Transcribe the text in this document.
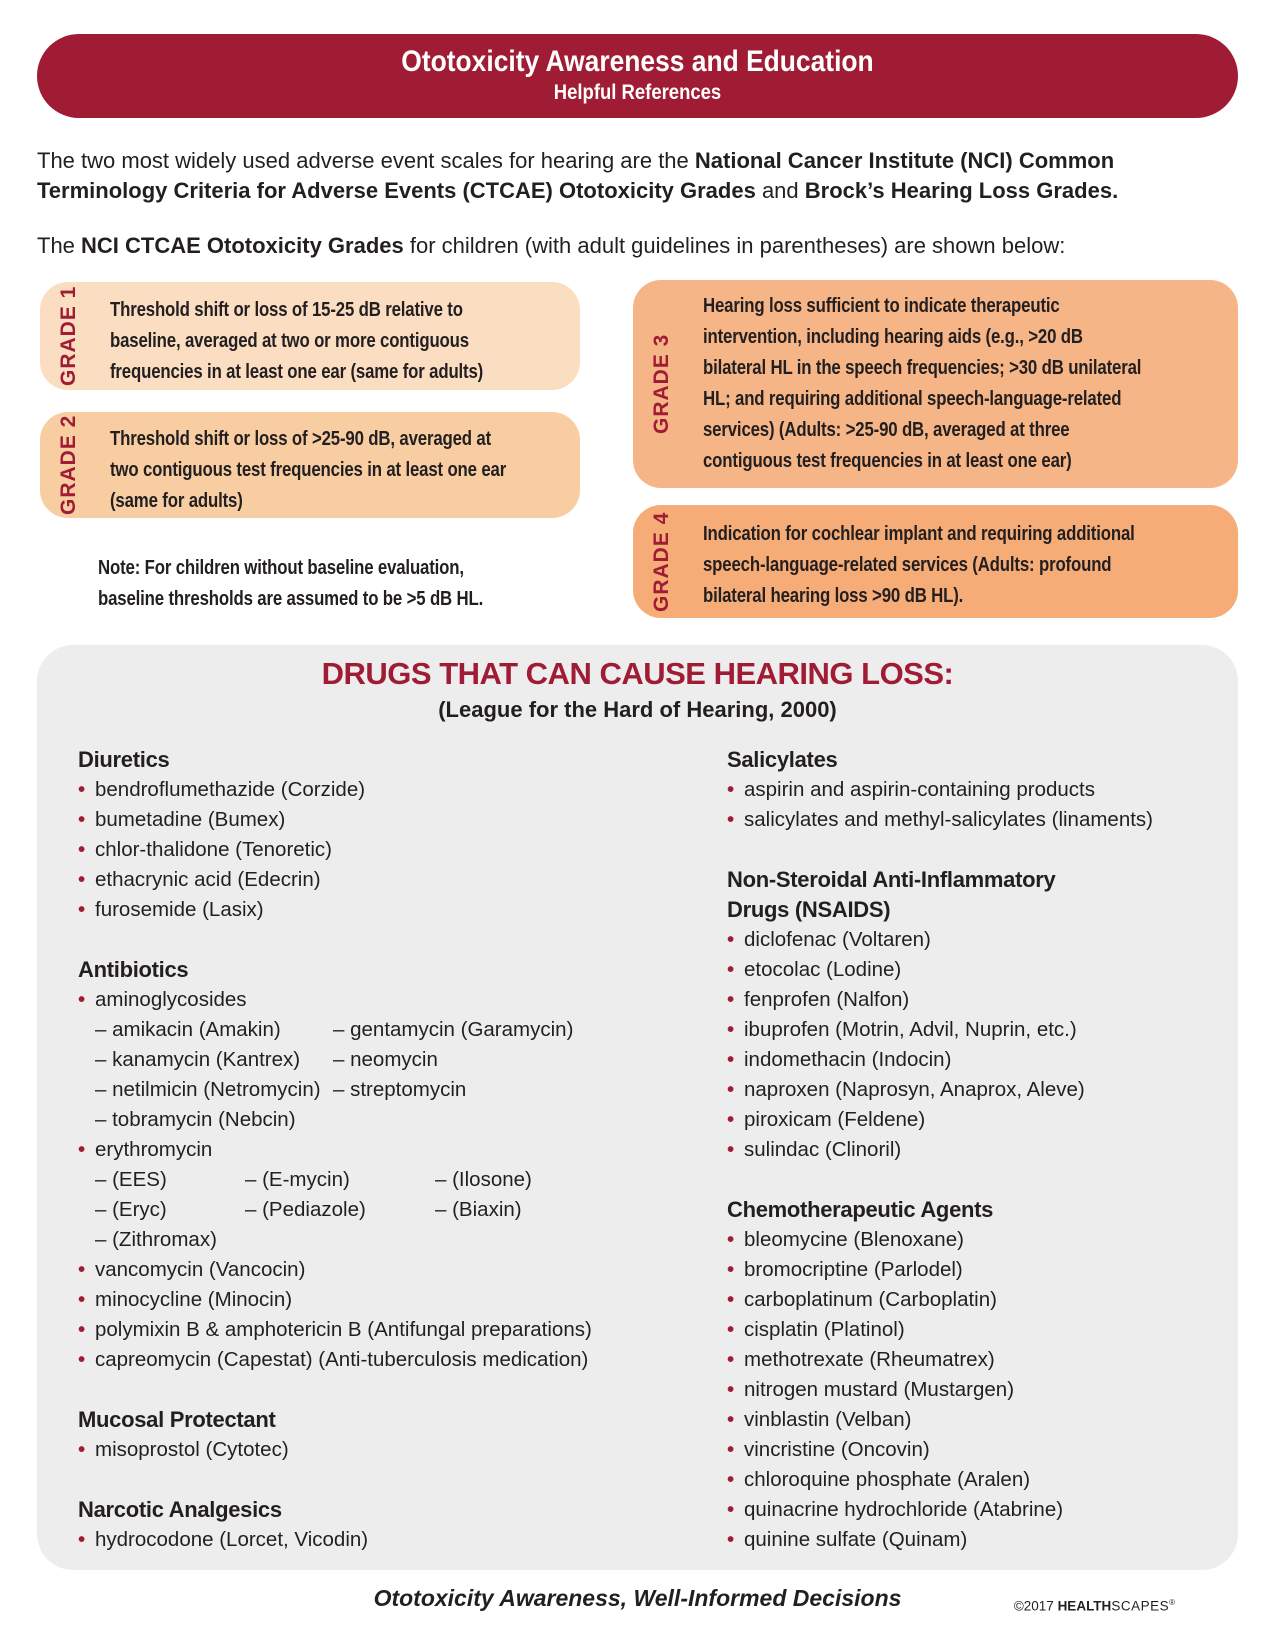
Ototoxicity Awareness and Education
Helpful References
The two most widely used adverse event scales for hearing are the National Cancer Institute (NCI) Common
Terminology Criteria for Adverse Events (CTCAE) Ototoxicity Grades and Brock’s Hearing Loss Grades.
The NCI CTCAE Ototoxicity Grades for children (with adult guidelines in parentheses) are shown below:
GRADE 1 Threshold shift or loss of 15-25 dB relative to
baseline, averaged at two or more contiguous
frequencies in at least one ear (same for adults)
GRADE 2 Threshold shift or loss of >25-90 dB, averaged at
two contiguous test frequencies in at least one ear
(same for adults)
GRADE 3
Hearing loss sufficient to indicate therapeutic
intervention, including hearing aids (e.g., >20 dB
bilateral HL in the speech frequencies; >30 dB unilateral
HL; and requiring additional speech-language-related
services) (Adults: >25-90 dB, averaged at three
contiguous test frequencies in at least one ear)
GRADE 4 Indication for cochlear implant and requiring additional
speech-language-related services (Adults: profound
bilateral hearing loss >90 dB HL).
Note: For children without baseline evaluation,
baseline thresholds are assumed to be >5 dB HL.
DRUGS THAT CAN CAUSE HEARING LOSS:
(League for the Hard of Hearing, 2000)
Diuretics
• bendroflumethazide (Corzide)
• bumetadine (Bumex)
• chlor-thalidone (Tenoretic)
• ethacrynic acid (Edecrin)
• furosemide (Lasix)
Antibiotics
• aminoglycosides
– amikacin (Amakin)
– kanamycin (Kantrex)
– netilmicin (Netromycin)
– tobramycin (Nebcin)
– gentamycin (Garamycin)
– neomycin
– streptomycin
• erythromycin
– (EES)
– (Eryc)
– (Zithromax)
– (E-mycin)
– (Pediazole)
– (Ilosone)
– (Biaxin)
• vancomycin (Vancocin)
• minocycline (Minocin)
• polymixin B & amphotericin B (Antifungal preparations)
• capreomycin (Capestat) (Anti-tuberculosis medication)
Mucosal Protectant
• misoprostol (Cytotec)
Narcotic Analgesics
• hydrocodone (Lorcet, Vicodin)
Salicylates
• aspirin and aspirin-containing products
• salicylates and methyl-salicylates (linaments)
Non-Steroidal Anti-Inflammatory
Drugs (NSAIDS)
• diclofenac (Voltaren)
• etocolac (Lodine)
• fenprofen (Nalfon)
• ibuprofen (Motrin, Advil, Nuprin, etc.)
• indomethacin (Indocin)
• naproxen (Naprosyn, Anaprox, Aleve)
• piroxicam (Feldene)
• sulindac (Clinoril)
Chemotherapeutic Agents
• bleomycine (Blenoxane)
• bromocriptine (Parlodel)
• carboplatinum (Carboplatin)
• cisplatin (Platinol)
• methotrexate (Rheumatrex)
• nitrogen mustard (Mustargen)
• vinblastin (Velban)
• vincristine (Oncovin)
• chloroquine phosphate (Aralen)
• quinacrine hydrochloride (Atabrine)
• quinine sulfate (Quinam)
Ototoxicity Awareness, Well-Informed Decisions	©2017 HEALTHSCAPES®
